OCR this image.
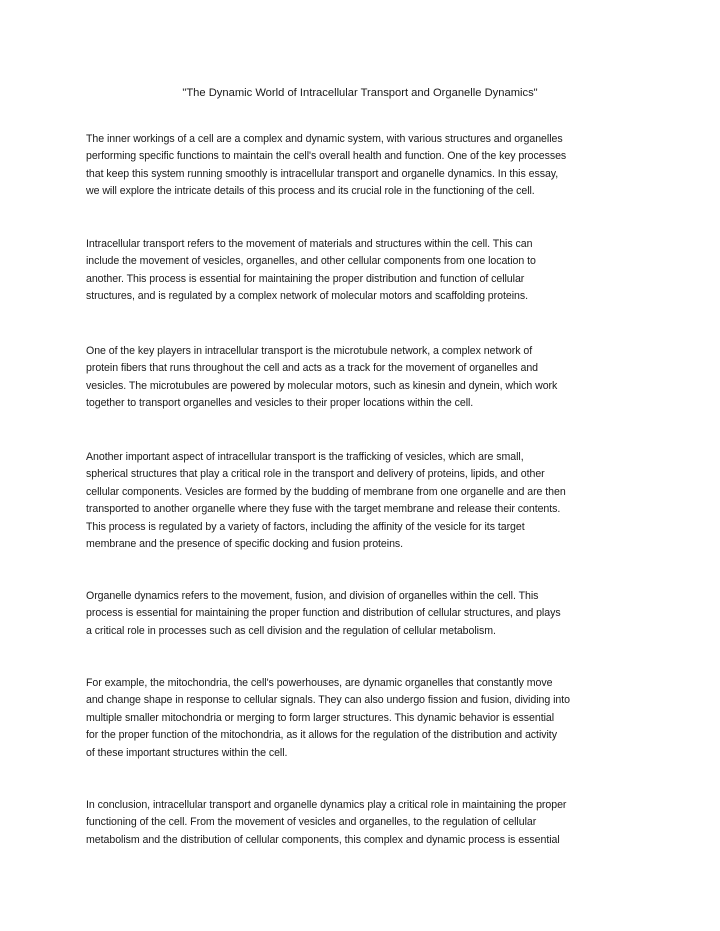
"The Dynamic World of Intracellular Transport and Organelle Dynamics"

The inner workings of a cell are a complex and dynamic system, with various structures and organelles
performing specific functions to maintain the cell's overall health and function. One of the key processes
that keep this system running smoothly is intracellular transport and organelle dynamics. In this essay,
we will explore the intricate details of this process and its crucial role in the functioning of the cell.

Intracellular transport refers to the movement of materials and structures within the cell. This can
include the movement of vesicles, organelles, and other cellular components from one location to
another. This process is essential for maintaining the proper distribution and function of cellular
structures, and is regulated by a complex network of molecular motors and scaffolding proteins.

One of the key players in intracellular transport is the microtubule network, a complex network of
protein fibers that runs throughout the cell and acts as a track for the movement of organelles and
vesicles. The microtubules are powered by molecular motors, such as kinesin and dynein, which work
together to transport organelles and vesicles to their proper locations within the cell.

Another important aspect of intracellular transport is the trafficking of vesicles, which are small,
spherical structures that play a critical role in the transport and delivery of proteins, lipids, and other
cellular components. Vesicles are formed by the budding of membrane from one organelle and are then
transported to another organelle where they fuse with the target membrane and release their contents.
This process is regulated by a variety of factors, including the affinity of the vesicle for its target
membrane and the presence of specific docking and fusion proteins.

Organelle dynamics refers to the movement, fusion, and division of organelles within the cell. This
process is essential for maintaining the proper function and distribution of cellular structures, and plays
a critical role in processes such as cell division and the regulation of cellular metabolism.

For example, the mitochondria, the cell's powerhouses, are dynamic organelles that constantly move
and change shape in response to cellular signals. They can also undergo fission and fusion, dividing into
multiple smaller mitochondria or merging to form larger structures. This dynamic behavior is essential
for the proper function of the mitochondria, as it allows for the regulation of the distribution and activity
of these important structures within the cell.

In conclusion, intracellular transport and organelle dynamics play a critical role in maintaining the proper
functioning of the cell. From the movement of vesicles and organelles, to the regulation of cellular
metabolism and the distribution of cellular components, this complex and dynamic process is essential
